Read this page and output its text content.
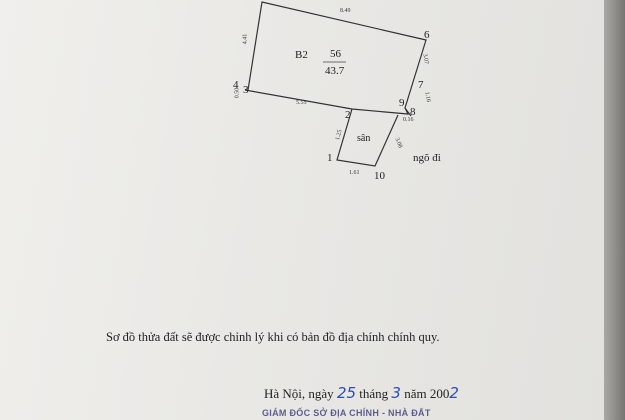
6
7
9
8
4 3
2
1
10
8.49
4.41
0.50
5.55
3.07
1.16
0.16
1.25
3.08
1.61
B2 56
43.7
sân
ngõ đi
Sơ đồ thửa đất sẽ được chỉnh lý khi có bản đồ địa chính chính quy.
Hà Nội, ngày 25 tháng 3 năm 2002
GIÁM ĐỐC SỞ ĐỊA CHÍNH - NHÀ ĐẤT
